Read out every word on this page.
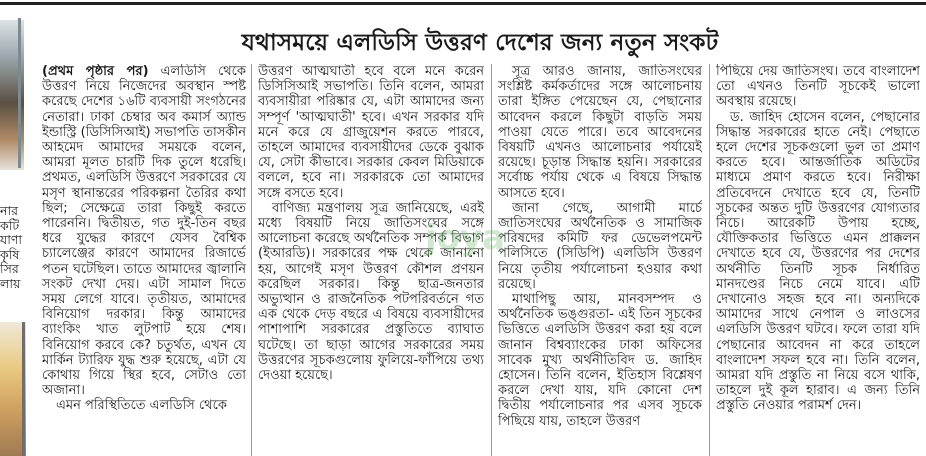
নার
কটি
যাণা
কৃষি
সির
লায়
যথাসময়ে এলডিসি উত্তরণ দেশের জন্য নতুন সংকট

(প্রথম পৃষ্ঠার পর) এলডিসি থেকে উত্তরণ নিয়ে নিজেদের অবস্থান স্পষ্ট করেছে দেশের ১৬টি ব্যবসায়ী সংগঠনের নেতারা। ঢাকা চেম্বার অব কমার্স অ্যান্ড ইন্ডাস্ট্রি (ডিসিসিআই) সভাপতি তাসকীন আহমেদ আমাদের সময়কে বলেন, আমরা মূলত চারটি দিক তুলে ধরেছি। প্রথমত, এলডিসি উত্তরণে সরকারের যে মসৃণ স্থানান্তরের পরিকল্পনা তৈরির কথা ছিল; সেক্ষেত্রে তারা কিছুই করতে পারেননি। দ্বিতীয়ত, গত দুই-তিন বছর ধরে যুদ্ধের কারণে যেসব বৈশ্বিক চ্যালেঞ্জের কারণে আমাদের রিজার্ভে পতন ঘটেছিল। তাতে আমাদের জ্বালানি সংকট দেখা দেয়। এটা সামাল দিতে সময় লেগে যাবে। তৃতীয়ত, আমাদের বিনিয়োগ দরকার। কিন্তু আমাদের ব্যাংকিং খাত লুটপাট হয়ে শেষ। বিনিয়োগ করবে কে? চতুর্থত, এখন যে মার্কিন ট্যারিফ যুদ্ধ শুরু হয়েছে, এটা যে কোথায় গিয়ে স্থির হবে, সেটাও তো অজানা।

এমন পরিস্থিতিতে এলডিসি থেকে

উত্তরণ আত্মঘাতী হবে বলে মনে করেন ডিসিসিআই সভাপতি। তিনি বলেন, আমরা ব্যবসায়ীরা পরিষ্কার যে, এটা আমাদের জন্য সম্পূর্ণ 'আত্মঘাতী' হবে। এখন সরকার যদি মনে করে যে গ্রাজুয়েশন করতে পারবে, তাহলে আমাদের ব্যবসায়ীদের ডেকে বুঝাক যে, সেটা কীভাবে। সরকার কেবল মিডিয়াকে বললে, হবে না। সরকারকে তো আমাদের সঙ্গে বসতে হবে।

বাণিজ্য মন্ত্রণালয় সূত্র জানিয়েছে, এরই মধ্যে বিষয়টি নিয়ে জাতিসংঘের সঙ্গে আলোচনা করেছে অর্থনৈতিক সম্পর্ক বিভাগ (ইআরডি)। সরকারের পক্ষ থেকে জানানো হয়, আগেই মসৃণ উত্তরণ কৌশল প্রণয়ন করেছিল সরকার। কিন্তু ছাত্র-জনতার অভ্যুত্থান ও রাজনৈতিক পটপরিবর্তনে গত এক থেকে দেড় বছরে এ বিষয়ে ব্যবসায়ীদের পাশাপাশি সরকারের প্রস্তুতিতে ব্যাঘাত ঘটেছে। তা ছাড়া আগের সরকারের সময় উত্তরণের সূচকগুলোয় ফুলিয়ে-ফাঁপিয়ে তথ্য দেওয়া হয়েছে।

সূত্র আরও জানায়, জাতিসংঘের সংশ্লিষ্ট কর্মকর্তাদের সঙ্গে আলোচনায় তারা ইঙ্গিত পেয়েছেন যে, পেছানোর আবেদন করলে কিছুটা বাড়তি সময় পাওয়া যেতে পারে। তবে আবেদনের বিষয়টি এখনও আলোচনার পর্যায়েই রয়েছে। চূড়ান্ত সিদ্ধান্ত হয়নি। সরকারের সর্বোচ্চ পর্যায় থেকে এ বিষয়ে সিদ্ধান্ত আসতে হবে।

জানা গেছে, আগামী মার্চে জাতিসংঘের অর্থনৈতিক ও সামাজিক পরিষদের কমিটি ফর ডেভেলপমেন্ট পলিসিতে (সিডিপি) এলডিসি উত্তরণ নিয়ে তৃতীয় পর্যালোচনা হওয়ার কথা রয়েছে।

মাথাপিছু আয়, মানবসম্পদ ও অর্থনৈতিক ভঙ্গুরতা- এই তিন সূচকের ভিত্তিতে এলডিসি উত্তরণ করা হয় বলে জানান বিশ্বব্যাংকের ঢাকা অফিসের সাবেক মুখ্য অর্থনীতিবিদ ড. জাহিদ হোসেন। তিনি বলেন, ইতিহাস বিশ্লেষণ করলে দেখা যায়, যদি কোনো দেশ দ্বিতীয় পর্যালোচনার পর এসব সূচকে পিছিয়ে যায়, তাহলে উত্তরণ

পিছিয়ে দেয় জাতিসংঘ। তবে বাংলাদেশ তো এখনও তিনটি সূচকেই ভালো অবস্থায় রয়েছে।

ড. জাহিদ হোসেন বলেন, পেছানোর সিদ্ধান্ত সরকারের হাতে নেই। পেছাতে হলে দেশের সূচকগুলো ভুল তা প্রমাণ করতে হবে। আন্তর্জাতিক অডিটের মাধ্যমে প্রমাণ করতে হবে। নিরীক্ষা প্রতিবেদনে দেখাতে হবে যে, তিনটি সূচকের অন্তত দুটি উত্তরণের যোগ্যতার নিচে। আরেকটি উপায় হচ্ছে, যৌক্তিকতার ভিত্তিতে এমন প্রাক্কলন দেখাতে হবে যে, উত্তরণের পর দেশের অর্থনীতি তিনটি সূচক নির্ধারিত মানদণ্ডের নিচে নেমে যাবে। এটি দেখানোও সহজ হবে না। অন্যদিকে আমাদের সাথে নেপাল ও লাওসের এলডিসি উত্তরণ ঘটবে। ফলে তারা যদি পেছানোর আবেদন না করে তাহলে বাংলাদেশ সফল হবে না। তিনি বলেন, আমরা যদি প্রস্তুতি না নিয়ে বসে থাকি, তাহলে দুই কূল হারাব। এ জন্য তিনি প্রস্তুতি নেওয়ার পরামর্শ দেন।

joya
